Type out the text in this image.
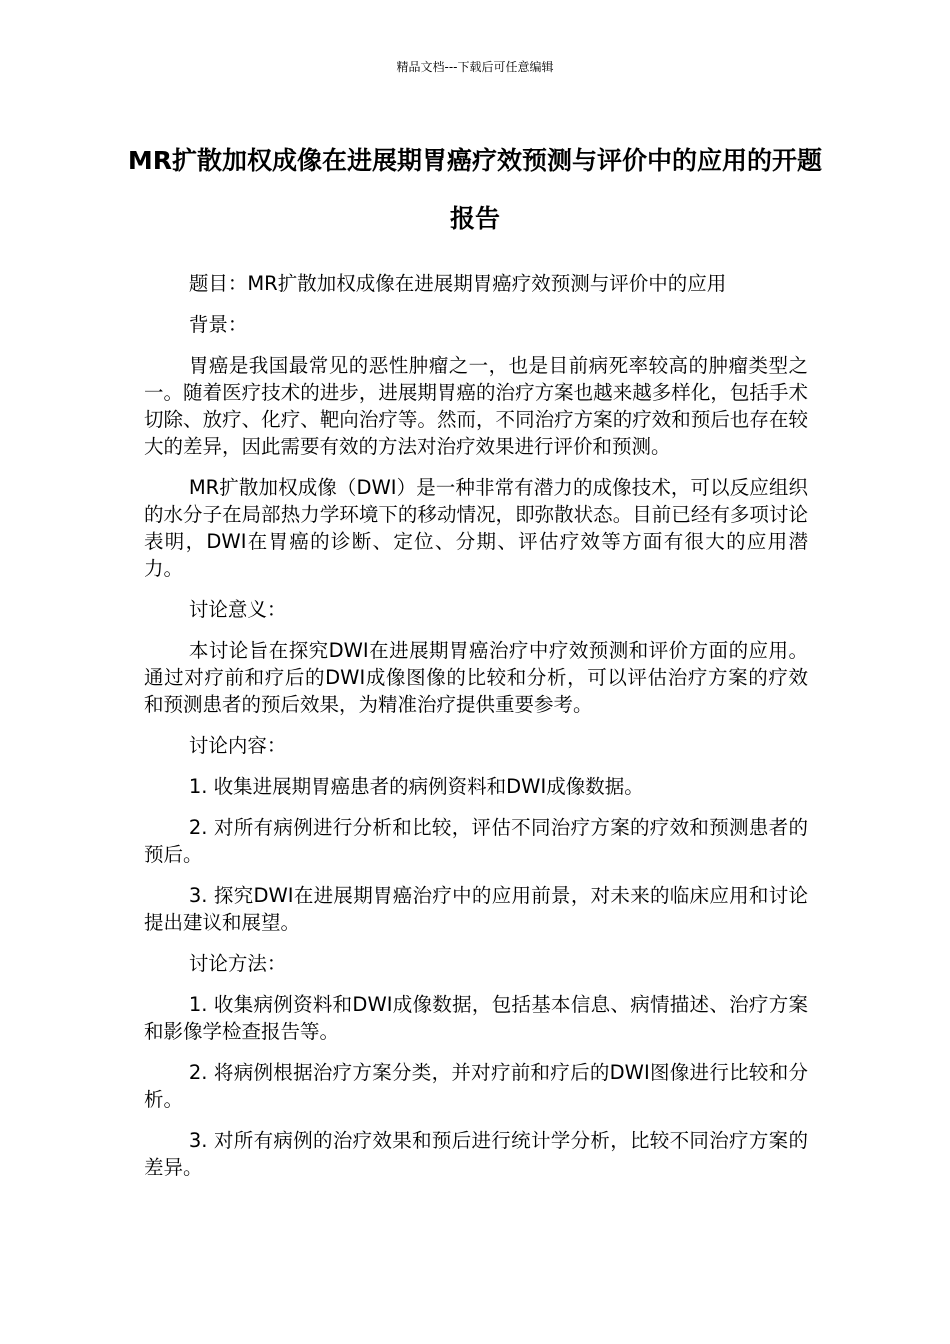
精品文档---下载后可任意编辑
MR扩散加权成像在进展期胃癌疗效预测与评价中的应用的开题报告

题目：MR扩散加权成像在进展期胃癌疗效预测与评价中的应用

背景：

胃癌是我国最常见的恶性肿瘤之一，也是目前病死率较高的肿瘤类型之一。随着医疗技术的进步，进展期胃癌的治疗方案也越来越多样化，包括手术切除、放疗、化疗、靶向治疗等。然而，不同治疗方案的疗效和预后也存在较大的差异，因此需要有效的方法对治疗效果进行评价和预测。

MR扩散加权成像（DWI）是一种非常有潜力的成像技术，可以反应组织的水分子在局部热力学环境下的移动情况，即弥散状态。目前已经有多项讨论表明，DWI在胃癌的诊断、定位、分期、评估疗效等方面有很大的应用潜力。

讨论意义：

本讨论旨在探究DWI在进展期胃癌治疗中疗效预测和评价方面的应用。通过对疗前和疗后的DWI成像图像的比较和分析，可以评估治疗方案的疗效和预测患者的预后效果，为精准治疗提供重要参考。

讨论内容：

1. 收集进展期胃癌患者的病例资料和DWI成像数据。

2. 对所有病例进行分析和比较，评估不同治疗方案的疗效和预测患者的预后。

3. 探究DWI在进展期胃癌治疗中的应用前景，对未来的临床应用和讨论提出建议和展望。

讨论方法：

1. 收集病例资料和DWI成像数据，包括基本信息、病情描述、治疗方案和影像学检查报告等。

2. 将病例根据治疗方案分类，并对疗前和疗后的DWI图像进行比较和分析。

3. 对所有病例的治疗效果和预后进行统计学分析，比较不同治疗方案的差异。
